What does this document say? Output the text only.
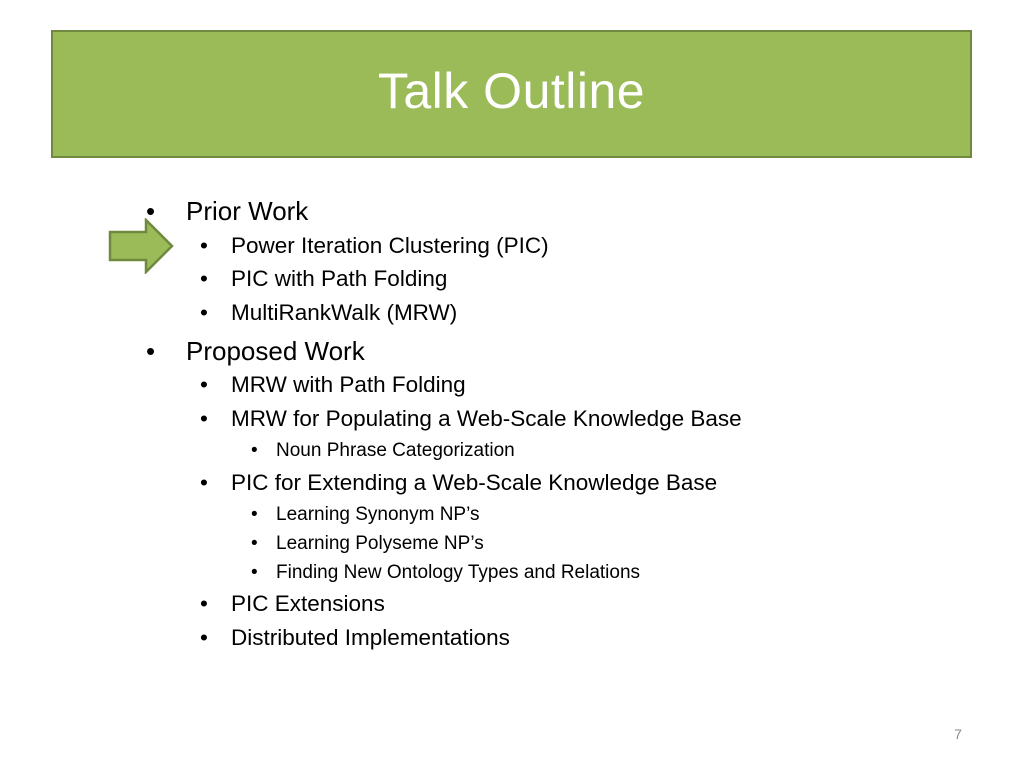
Talk Outline
• Prior Work
• Power Iteration Clustering (PIC)
• PIC with Path Folding
• MultiRankWalk (MRW)
• Proposed Work
• MRW with Path Folding
• MRW for Populating a Web-Scale Knowledge Base
• Noun Phrase Categorization
• PIC for Extending a Web-Scale Knowledge Base
• Learning Synonym NP’s
• Learning Polyseme NP’s
• Finding New Ontology Types and Relations
• PIC Extensions
• Distributed Implementations
7
